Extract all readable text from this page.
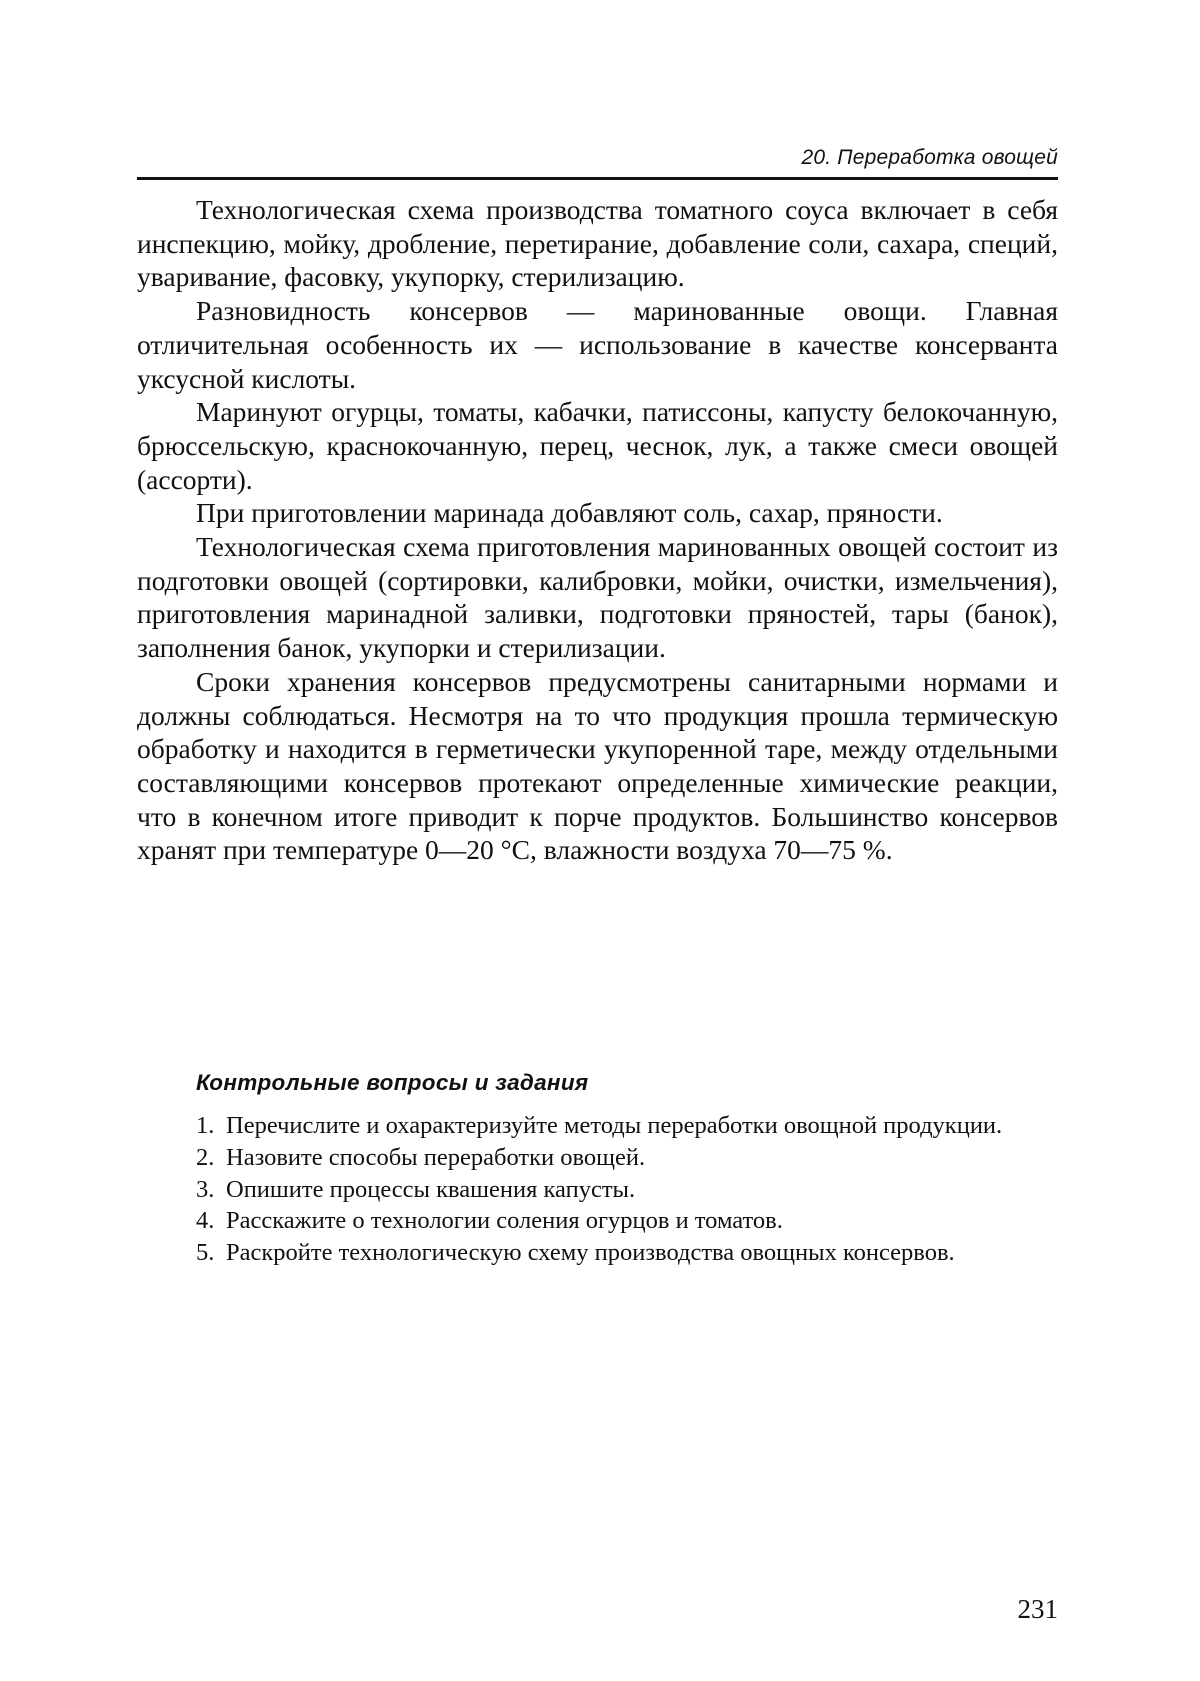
20. Переработка овощей

Технологическая схема производства томатного соуса включает в себя инспекцию, мойку, дробление, перетирание, добавление соли, сахара, специй, уваривание, фасовку, укупорку, стерилизацию.

Разновидность консервов — маринованные овощи. Главная отличительная особенность их — использование в качестве консерванта уксусной кислоты.

Маринуют огурцы, томаты, кабачки, патиссоны, капусту белокочанную, брюссельскую, краснокочанную, перец, чеснок, лук, а также смеси овощей (ассорти).

При приготовлении маринада добавляют соль, сахар, пряности.

Технологическая схема приготовления маринованных овощей состоит из подготовки овощей (сортировки, калибровки, мойки, очистки, измельчения), приготовления маринадной заливки, подготовки пряностей, тары (банок), заполнения банок, укупорки и стерилизации.

Сроки хранения консервов предусмотрены санитарными нормами и должны соблюдаться. Несмотря на то что продукция прошла термическую обработку и находится в герметически укупоренной таре, между отдельными составляющими консервов протекают определенные химические реакции, что в конечном итоге приводит к порче продуктов. Большинство консервов хранят при температуре 0—20 °С, влажности воздуха 70—75 %.

Контрольные вопросы и задания
1. Перечислите и охарактеризуйте методы переработки овощной продукции.
2. Назовите способы переработки овощей.
3. Опишите процессы квашения капусты.
4. Расскажите о технологии соления огурцов и томатов.
5. Раскройте технологическую схему производства овощных консервов.
231
